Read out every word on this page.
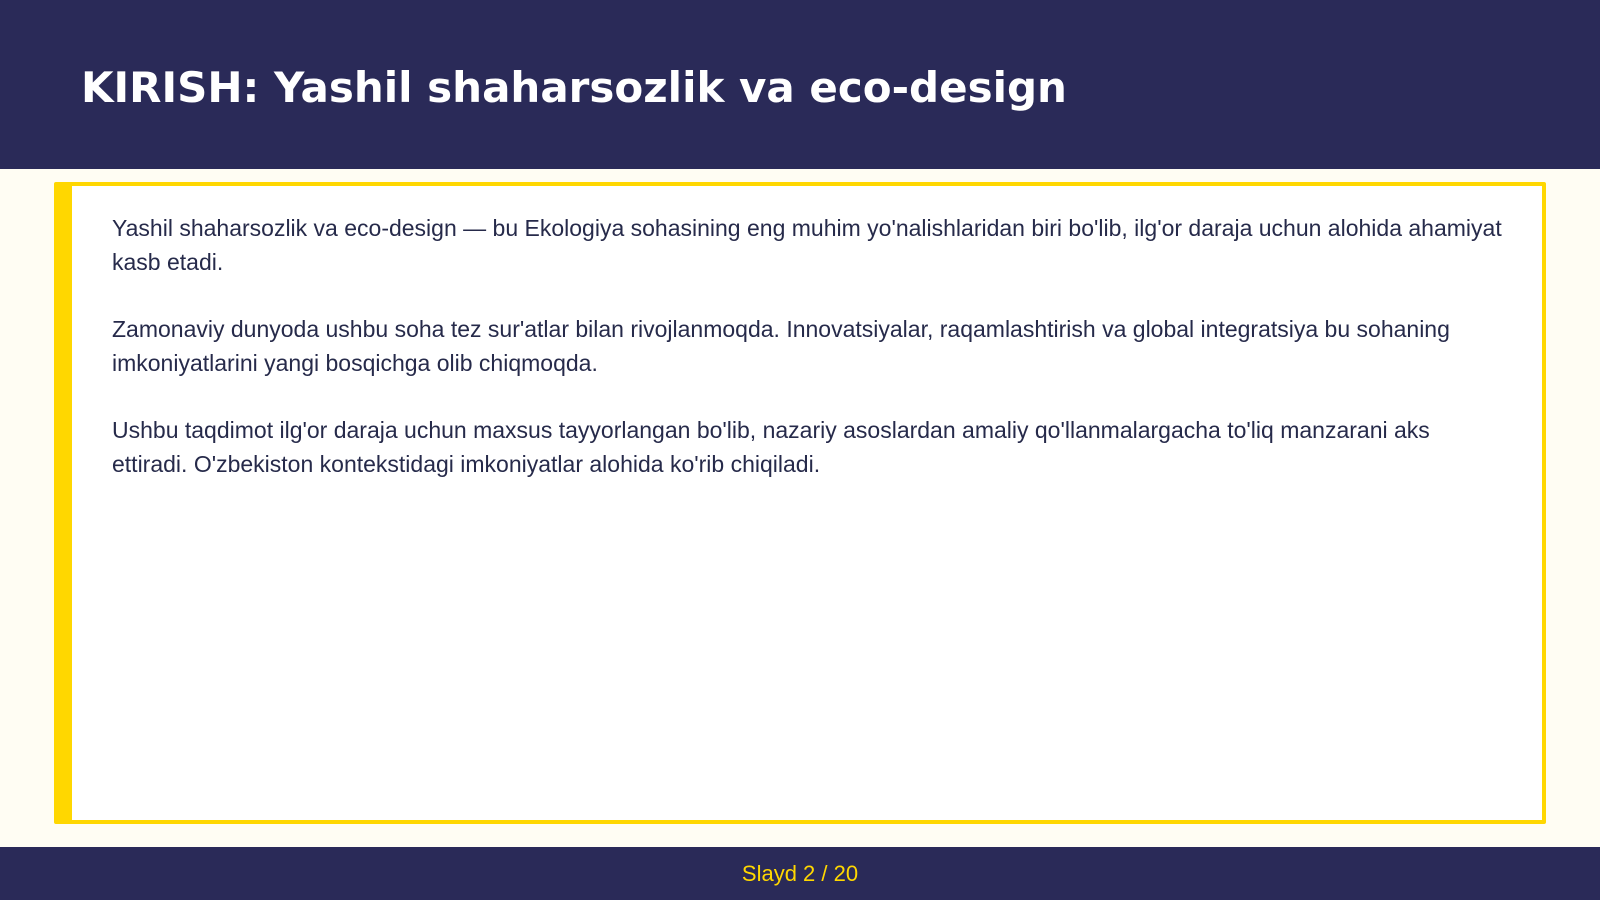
KIRISH: Yashil shaharsozlik va eco-design

Yashil shaharsozlik va eco-design — bu Ekologiya sohasining eng muhim yo'nalishlaridan biri bo'lib, ilg'or daraja uchun alohida ahamiyat kasb etadi.

Zamonaviy dunyoda ushbu soha tez sur'atlar bilan rivojlanmoqda. Innovatsiyalar, raqamlashtirish va global integratsiya bu sohaning imkoniyatlarini yangi bosqichga olib chiqmoqda.

Ushbu taqdimot ilg'or daraja uchun maxsus tayyorlangan bo'lib, nazariy asoslardan amaliy qo'llanmalargacha to'liq manzarani aks ettiradi. O'zbekiston kontekstidagi imkoniyatlar alohida ko'rib chiqiladi.

Slayd 2 / 20
